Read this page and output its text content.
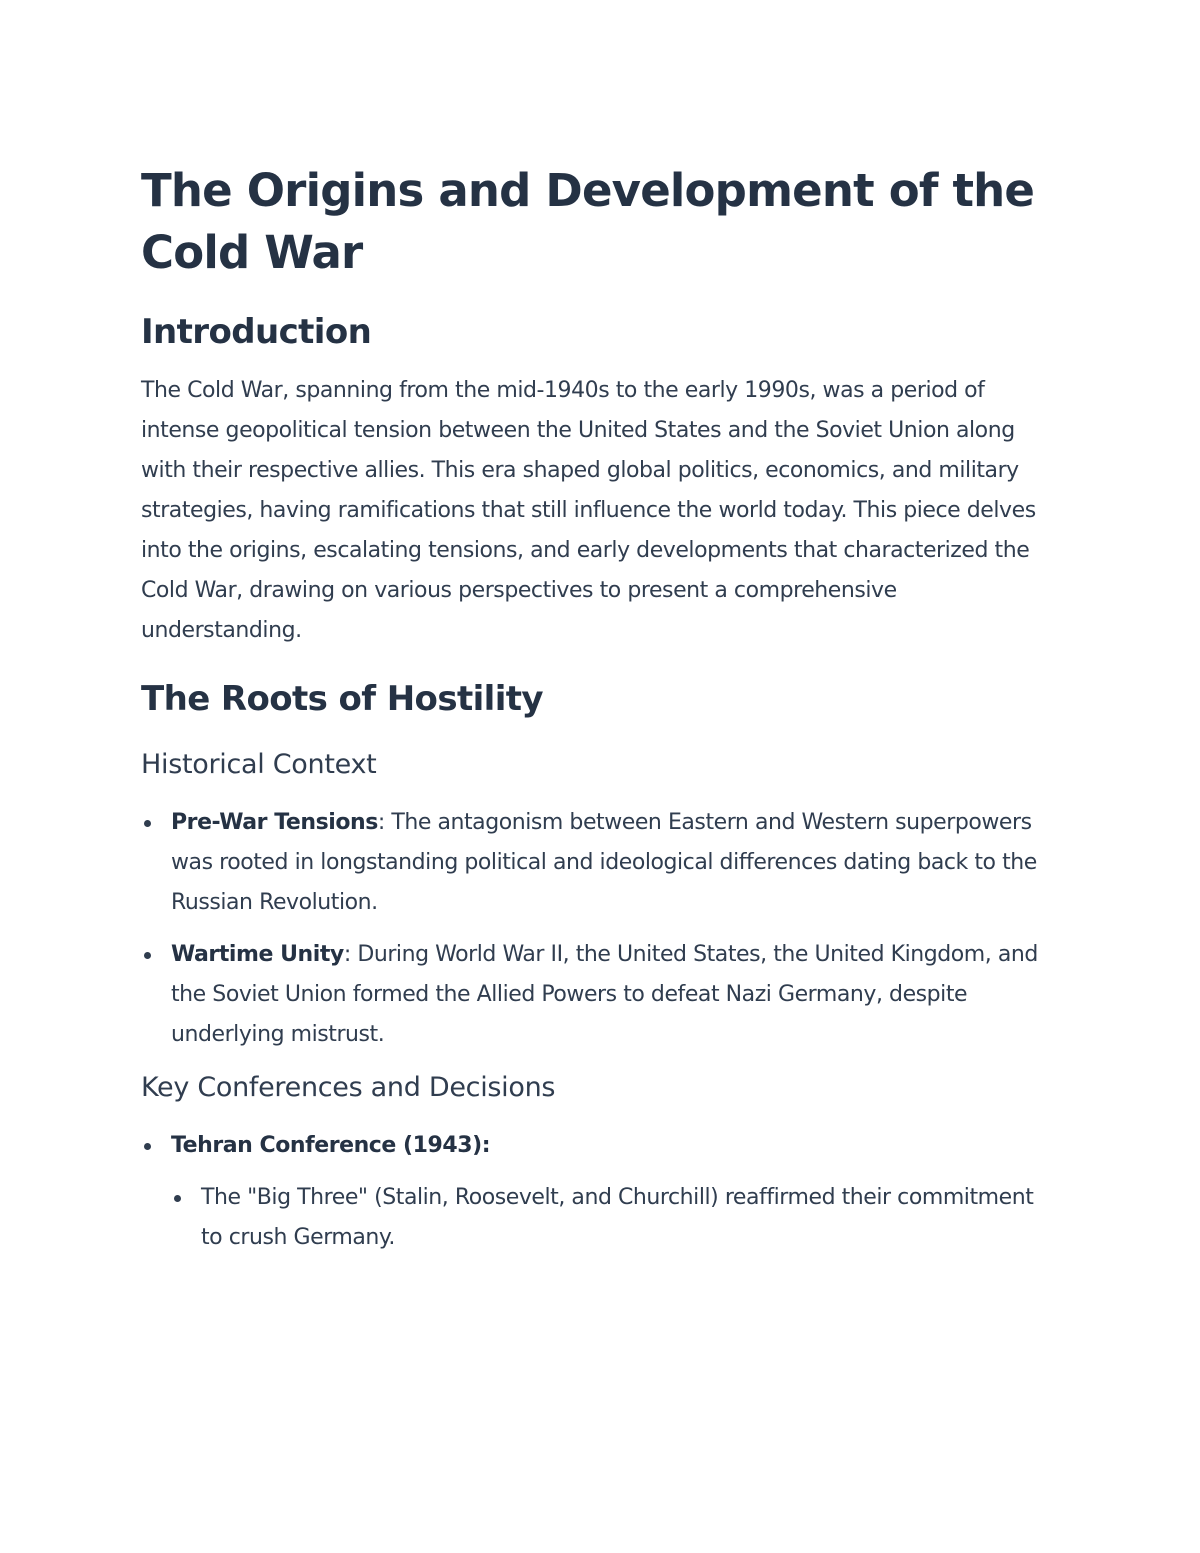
The Origins and Development of the Cold War
Introduction

The Cold War, spanning from the mid-1940s to the early 1990s, was a period of intense geopolitical tension between the United States and the Soviet Union along with their respective allies. This era shaped global politics, economics, and military strategies, having ramifications that still influence the world today. This piece delves into the origins, escalating tensions, and early developments that characterized the Cold War, drawing on various perspectives to present a comprehensive understanding.

The Roots of Hostility
Historical Context
Pre-War Tensions: The antagonism between Eastern and Western superpowers was rooted in longstanding political and ideological differences dating back to the Russian Revolution.
Wartime Unity: During World War II, the United States, the United Kingdom, and the Soviet Union formed the Allied Powers to defeat Nazi Germany, despite underlying mistrust.
Key Conferences and Decisions
Tehran Conference (1943):
The "Big Three" (Stalin, Roosevelt, and Churchill) reaffirmed their commitment to crush Germany.
